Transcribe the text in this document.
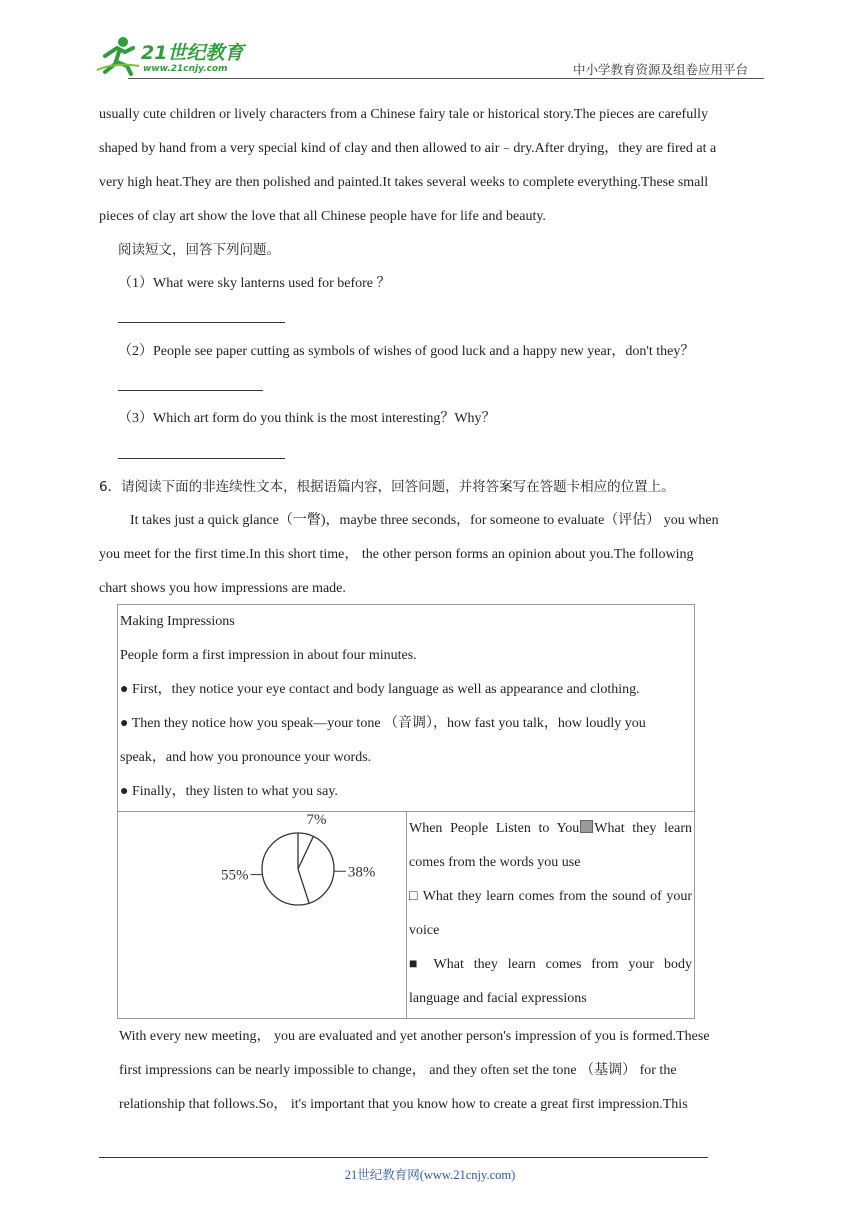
21世纪教育
www.21cnjy.com	中小学教育资源及组卷应用平台
usually cute children or lively characters from a Chinese fairy tale or historical story.The pieces are carefully
shaped by hand from a very special kind of clay and then allowed to air﹣dry.After drying，they are fired at a
very high heat.They are then polished and painted.It takes several weeks to complete everything.These small
pieces of clay art show the love that all Chinese people have for life and beauty.
阅读短文，回答下列问题。
（1）What were sky lanterns used for before ？
（2）People see paper cutting as symbols of wishes of good luck and a happy new year，don't they？
（3）Which art form do you think is the most interesting？Why？
6．请阅读下面的非连续性文本，根据语篇内容，回答问题，并将答案写在答题卡相应的位置上。
It takes just a quick glance（一瞥)，maybe three seconds，for someone to evaluate（评估） you when
you meet for the first time.In this short time， the other person forms an opinion about you.The following
chart shows you how impressions are made.
Making Impressions
People form a first impression in about four minutes.
● First，they notice your eye contact and body language as well as appearance and clothing.
● Then they notice how you speak—your tone （音调），how fast you talk，how loudly you
speak，and how you pronounce your words.
● Finally，they listen to what you say.

7%
38%
55%

When People Listen to You What they learn comes from the words you use
□ What they learn comes from the sound of your voice
■ What they learn comes from your body language and facial expressions
With every new meeting， you are evaluated and yet another person's impression of you is formed.These
first impressions can be nearly impossible to change， and they often set the tone （基调） for the
relationship that follows.So， it's important that you know how to create a great first impression.This
21世纪教育网(www.21cnjy.com)
